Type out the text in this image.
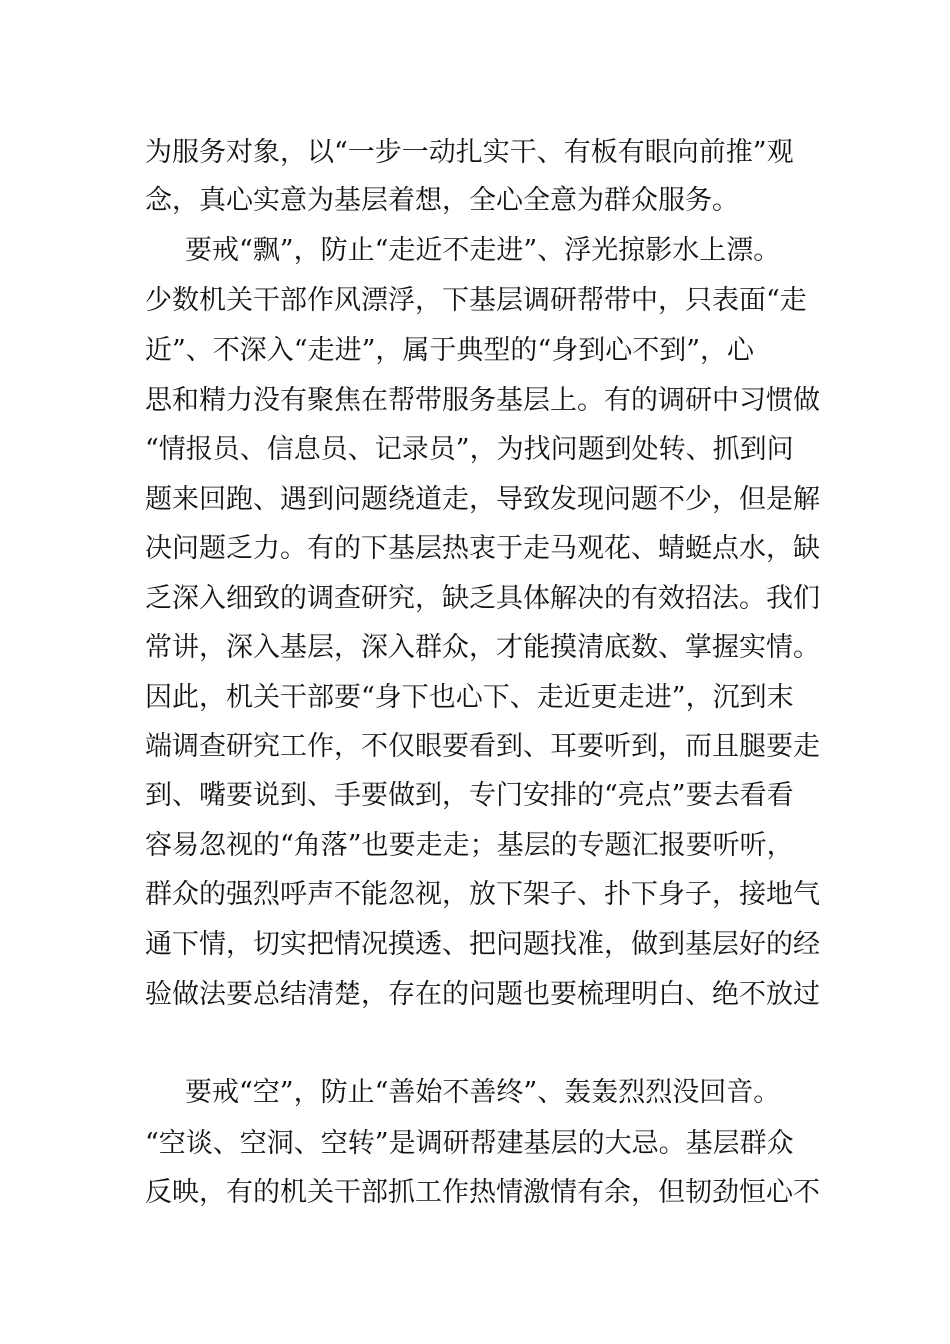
为服务对象，以“一步一动扎实干、有板有眼向前推”观
念，真心实意为基层着想，全心全意为群众服务。
要戒“飘”，防止“走近不走进”、浮光掠影水上漂。
少数机关干部作风漂浮，下基层调研帮带中，只表面“走
近”、不深入“走进”，属于典型的“身到心不到”，心
思和精力没有聚焦在帮带服务基层上。有的调研中习惯做
“情报员、信息员、记录员”，为找问题到处转、抓到问
题来回跑、遇到问题绕道走，导致发现问题不少，但是解
决问题乏力。有的下基层热衷于走马观花、蜻蜓点水，缺
乏深入细致的调查研究，缺乏具体解决的有效招法。我们
常讲，深入基层，深入群众，才能摸清底数、掌握实情。
因此，机关干部要“身下也心下、走近更走进”，沉到末
端调查研究工作，不仅眼要看到、耳要听到，而且腿要走
到、嘴要说到、手要做到，专门安排的“亮点”要去看看
容易忽视的“角落”也要走走；基层的专题汇报要听听，
群众的强烈呼声不能忽视，放下架子、扑下身子，接地气
通下情，切实把情况摸透、把问题找准，做到基层好的经
验做法要总结清楚，存在的问题也要梳理明白、绝不放过
要戒“空”，防止“善始不善终”、轰轰烈烈没回音。
“空谈、空洞、空转”是调研帮建基层的大忌。基层群众
反映，有的机关干部抓工作热情激情有余，但韧劲恒心不
